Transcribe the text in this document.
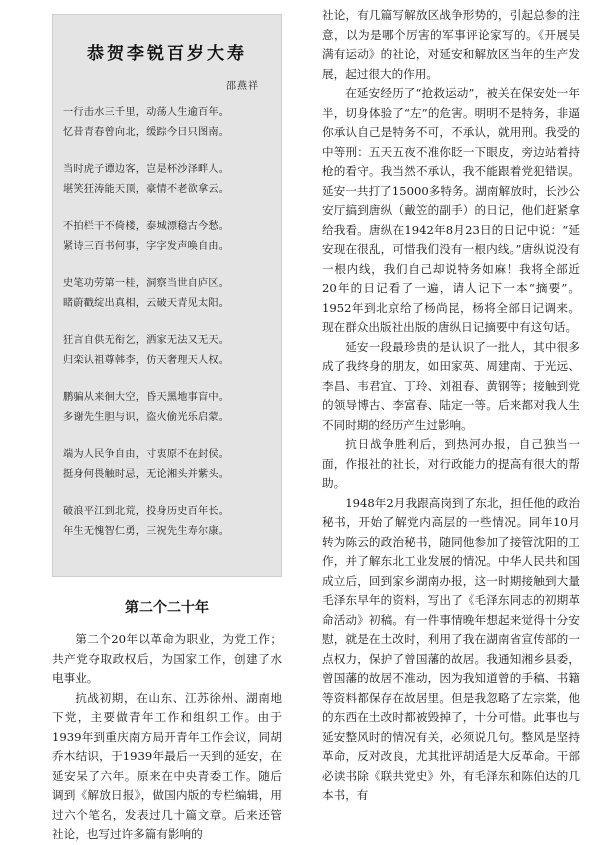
恭贺李锐百岁大寿
邵燕祥
一行击水三千里，动荡人生逾百年。
忆昔青春曾向北，缓踪今日只图南。
当时虎子谭边客，岂是杯沙泽畔人。
堪笑狂涛能天顶，豪情不老欲拿云。
不拍栏干不倚楼，泰城漂稳古今愁。
紧诗三百书何事，字字发声唤自由。
史笔功劳第一桂，洞察当世自庐区。
睹蔚戳绽出真相，云破天青见太阳。
狂言自供无衔乞，洒家无法又无天。
归栾认祖尊韩李，仿天奢理天人权。
鹏骗从来徊大空，昏天黑地事盲中。
多谢先生胆与识，盗火偷光乐启蒙。
端为人民争自由，寸衷原不在封侯。
挺身何畏触时忌，无论湘头并紫头。
破浪平江到北荒，投身历史百年长。
年生无愧智仁勇，三祝先生寿尔康。
第二个二十年

第二个20年以革命为职业，为党工作；共产党夺取政权后，为国家工作，创建了水电事业。

抗战初期，在山东、江苏徐州、湖南地下党，主要做青年工作和组织工作。由于1939年到重庆南方局开青年工作会议，同胡乔木结识，于1939年最后一天到的延安，在延安呆了六年。原来在中央青委工作。随后调到《解放日报》，做国内版的专栏编辑，用过六个笔名，发表过几十篇文章。后来还管社论，也写过许多篇有影响的

社论，有几篇写解放区战争形势的，引起总参的注意，以为是哪个厉害的军事评论家写的。《开展吴满有运动》的社论，对延安和解放区当年的生产发展，起过很大的作用。

在延安经历了“抢救运动”，被关在保安处一年半，切身体验了“左”的危害。明明不是特务，非逼你承认自己是特务不可，不承认，就用刑。我受的中等刑：五天五夜不准你眨一下眼皮，旁边站着持枪的看守。我当然不承认，我不能跟着党犯错误。延安一共打了15000多特务。湖南解放时，长沙公安厅搞到唐纵（戴笠的副手）的日记，他们赶紧拿给我看。唐纵在1942年8月23日的日记中说：“延安现在很乱，可惜我们没有一根内线。”唐纵说没有一根内线，我们自己却说特务如麻！我将全部近20年的日记看了一遍，请人记下一本“摘要”。1952年到北京给了杨尚昆，杨将全部日记调来。现在群众出版社出版的唐纵日记摘要中有这句话。

延安一段最珍贵的是认识了一批人，其中很多成了我终身的朋友，如田家英、周建南、于光远、李昌、韦君宜、丁玲、刘祖春、黄钢等；接触到党的领导博古、李富春、陆定一等。后来都对我人生不同时期的经历产生过影响。

抗日战争胜利后，到热河办报，自己独当一面，作报社的社长，对行政能力的提高有很大的帮助。

1948年2月我跟高岗到了东北，担任他的政治秘书，开始了解党内高层的一些情况。同年10月转为陈云的政治秘书，随同他参加了接管沈阳的工作，并了解东北工业发展的情况。中华人民共和国成立后，回到家乡湖南办报，这一时期接触到大量毛泽东早年的资料，写出了《毛泽东同志的初期革命活动》初稿。有一件事情晚年想起来觉得十分安慰，就是在土改时，利用了我在湖南省宣传部的一点权力，保护了曾国藩的故居。我通知湘乡县委，曾国藩的故居不准动，因为我知道曾的手稿、书籍等资料都保存在故居里。但是我忽略了左宗棠，他的东西在土改时都被毁掉了，十分可惜。此事也与延安整风时的情况有关，必须说几句。整风是坚持革命，反对改良，尤其批评胡适是大反革命。干部必读书除《联共党史》外，有毛泽东和陈伯达的几本书，有
